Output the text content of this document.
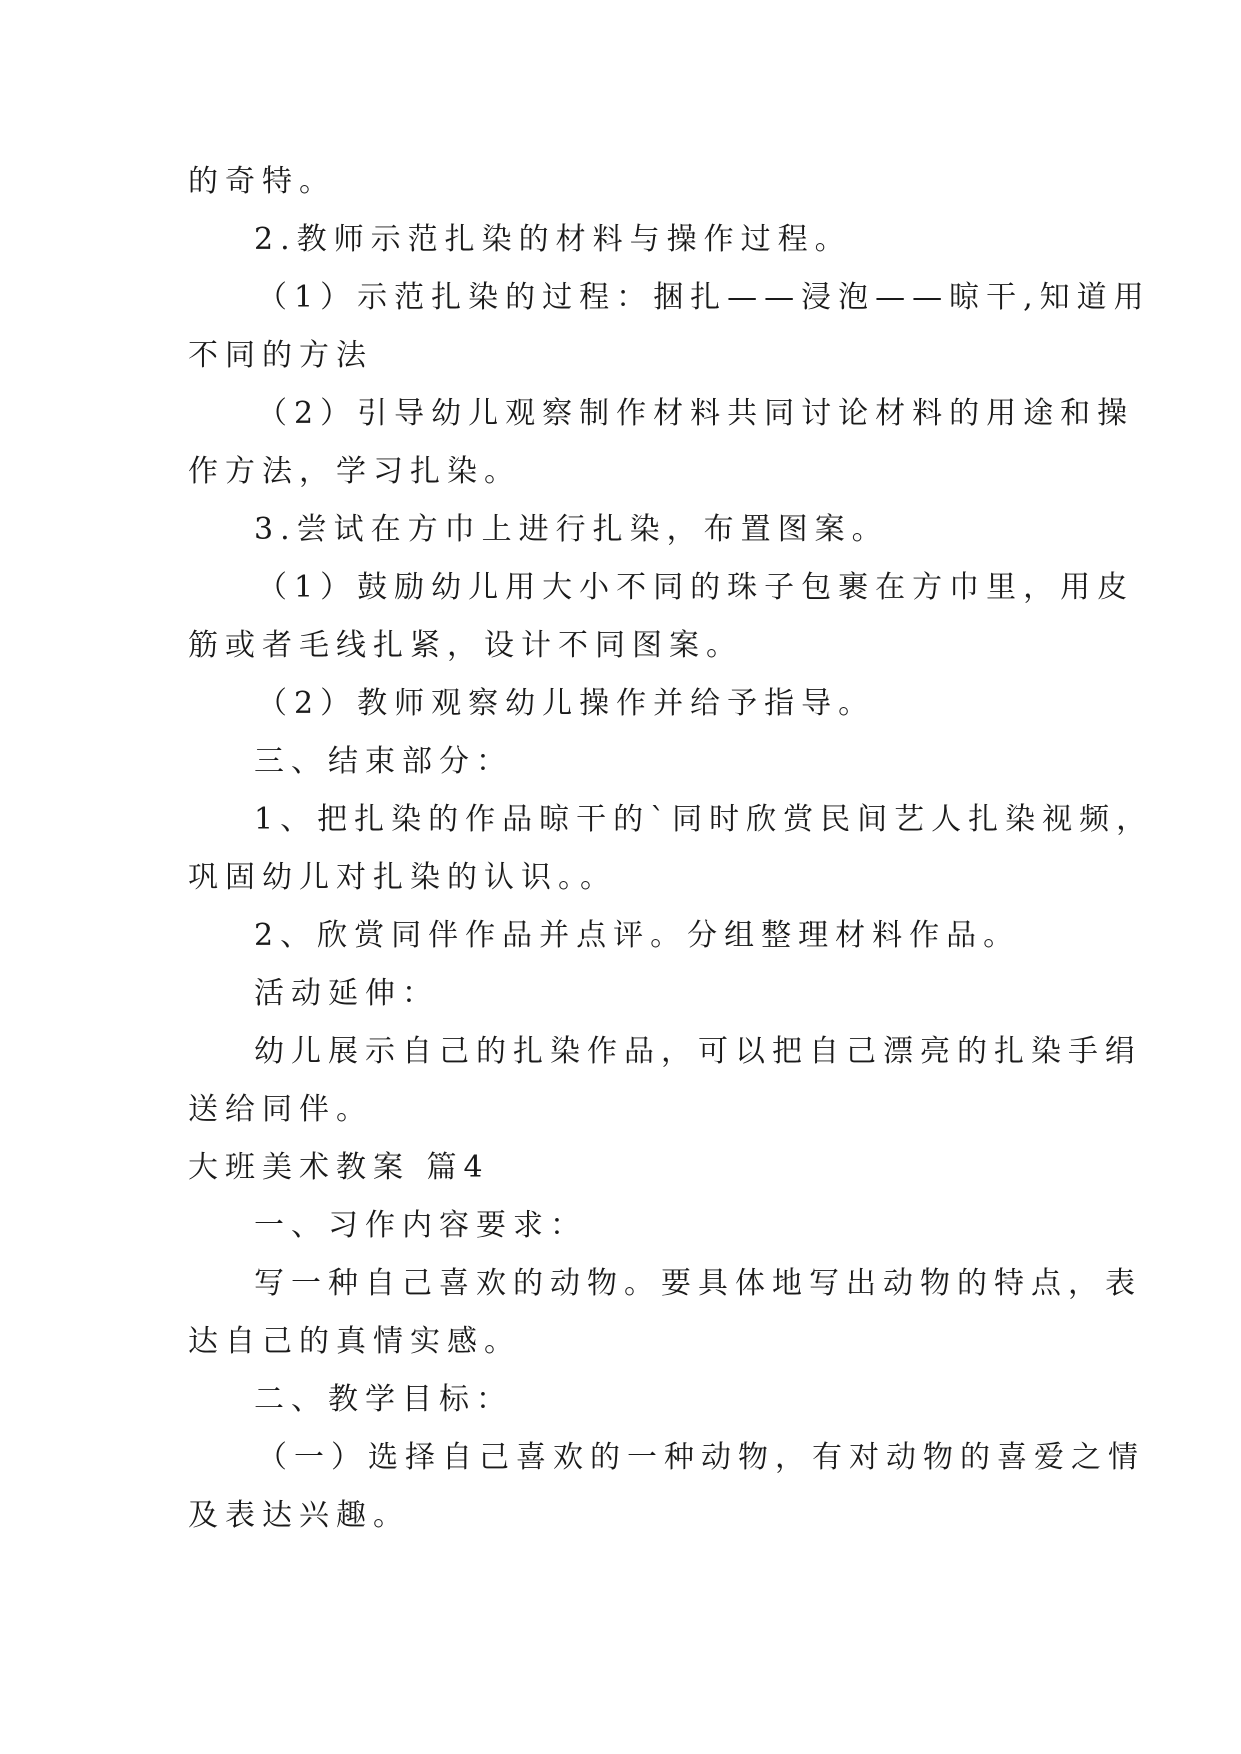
的奇特。
2.教师示范扎染的材料与操作过程。
（1）示范扎染的过程：捆扎——浸泡——晾干,知道用
不同的方法
（2）引导幼儿观察制作材料共同讨论材料的用途和操
作方法，学习扎染。
3.尝试在方巾上进行扎染，布置图案。
（1）鼓励幼儿用大小不同的珠子包裹在方巾里，用皮
筋或者毛线扎紧，设计不同图案。
（2）教师观察幼儿操作并给予指导。
三、结束部分：
1、把扎染的作品晾干的`同时欣赏民间艺人扎染视频，
巩固幼儿对扎染的认识。。
2、欣赏同伴作品并点评。分组整理材料作品。
活动延伸：
幼儿展示自己的扎染作品，可以把自己漂亮的扎染手绢
送给同伴。
大班美术教案 篇4
一、习作内容要求：
写一种自己喜欢的动物。要具体地写出动物的特点，表
达自己的真情实感。
二、教学目标：
（一）选择自己喜欢的一种动物，有对动物的喜爱之情
及表达兴趣。
